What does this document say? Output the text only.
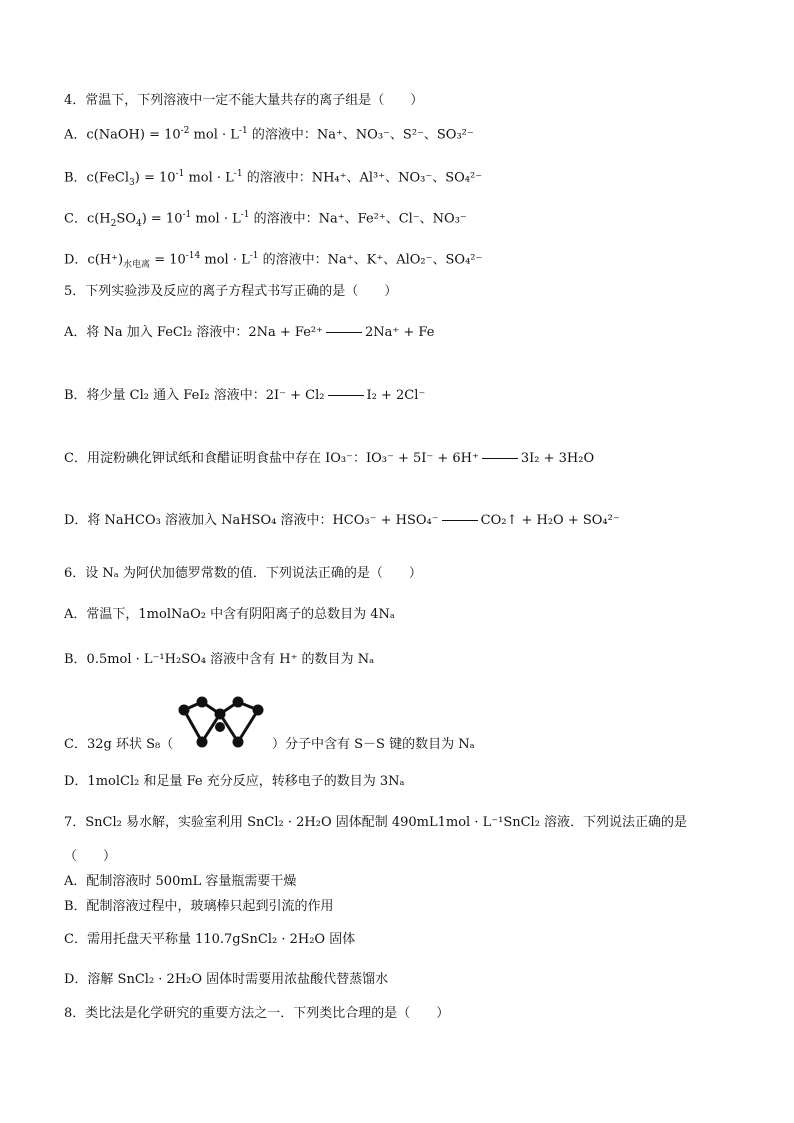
4．常温下，下列溶液中一定不能大量共存的离子组是（　　）
A．c(NaOH) = $10^{-2}$ mol · $L^{-1}$ 的溶液中：Na⁺、NO₃⁻、S²⁻、SO₃²⁻
B．c(FeCl$_3$) = $10^{-1}$ mol · $L^{-1}$ 的溶液中：NH₄⁺、Al³⁺、NO₃⁻、SO₄²⁻
C．$c(H_2SO_4) = 10^{-1}$ mol · $L^{-1}$ 的溶液中：Na⁺、Fe²⁺、Cl⁻、NO₃⁻
D．$c(H^+)_{水电离} = 10^{-14}$ mol · $L^{-1}$ 的溶液中：Na⁺、K⁺、AlO₂⁻、SO₄²⁻
5．下列实验涉及反应的离子方程式书写正确的是（　　）
A．将 Na 加入 FeCl₂ 溶液中：2Na + Fe²⁺	2Na⁺ + Fe
B．将少量 Cl₂ 通入 FeI₂ 溶液中：2I⁻ + Cl₂	I₂ + 2Cl⁻
C．用淀粉碘化钾试纸和食醋证明食盐中存在 IO₃⁻：IO₃⁻ + 5I⁻ + 6H⁺	3I₂ + 3H₂O
D．将 NaHCO₃ 溶液加入 NaHSO₄ 溶液中：HCO₃⁻ + HSO₄⁻	CO₂↑ + H₂O + SO₄²⁻
6．设 Nₐ 为阿伏加德罗常数的值．下列说法正确的是（　　）
A．常温下，1molNaO₂ 中含有阴阳离子的总数目为 4Nₐ
B．0.5mol · L⁻¹H₂SO₄ 溶液中含有 H⁺ 的数目为 Nₐ
C．32g 环状 S₈（	）分子中含有 S－S 键的数目为 Nₐ
D．1molCl₂ 和足量 Fe 充分反应，转移电子的数目为 3Nₐ
7．SnCl₂ 易水解，实验室利用 SnCl₂ · 2H₂O 固体配制 490mL1mol · L⁻¹SnCl₂ 溶液．下列说法正确的是
（　　）
A．配制溶液时 500mL 容量瓶需要干燥
B．配制溶液过程中，玻璃棒只起到引流的作用
C．需用托盘天平称量 110.7gSnCl₂ · 2H₂O 固体
D．溶解 SnCl₂ · 2H₂O 固体时需要用浓盐酸代替蒸馏水
8．类比法是化学研究的重要方法之一．下列类比合理的是（　　）
